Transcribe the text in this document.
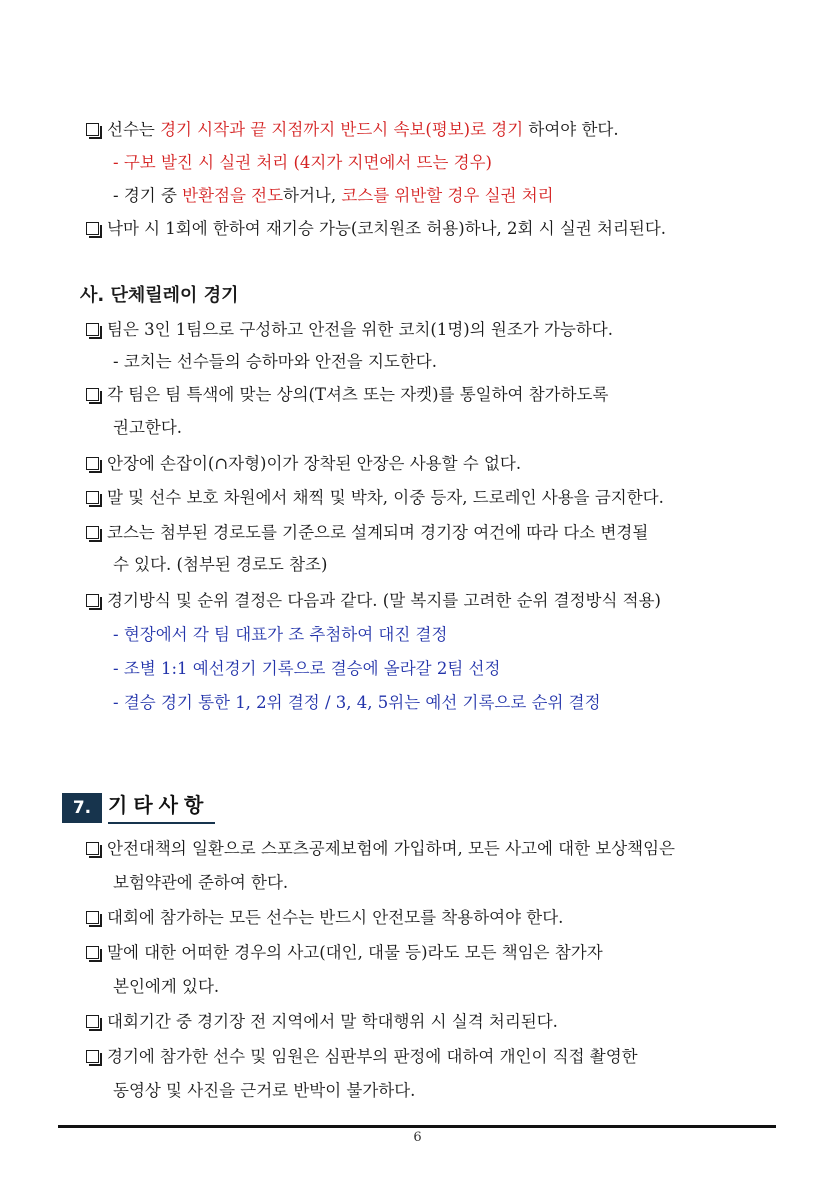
선수는 경기 시작과 끝 지점까지 반드시 속보(평보)로 경기 하여야 한다.
- 구보 발진 시 실권 처리 (4지가 지면에서 뜨는 경우)
- 경기 중 반환점을 전도하거나, 코스를 위반할 경우 실권 처리
낙마 시 1회에 한하여 재기승 가능(코치원조 허용)하나, 2회 시 실권 처리된다.
사. 단체릴레이 경기
팀은 3인 1팀으로 구성하고 안전을 위한 코치(1명)의 원조가 가능하다.
- 코치는 선수들의 승하마와 안전을 지도한다.
각 팀은 팀 특색에 맞는 상의(T셔츠 또는 자켓)를 통일하여 참가하도록
권고한다.
안장에 손잡이(∩자형)이가 장착된 안장은 사용할 수 없다.
말 및 선수 보호 차원에서 채찍 및 박차, 이중 등자, 드로레인 사용을 금지한다.
코스는 첨부된 경로도를 기준으로 설계되며 경기장 여건에 따라 다소 변경될
수 있다. (첨부된 경로도 참조)
경기방식 및 순위 결정은 다음과 같다. (말 복지를 고려한 순위 결정방식 적용)
- 현장에서 각 팀 대표가 조 추첨하여 대진 결정
- 조별 1:1 예선경기 기록으로 결승에 올라갈 2팀 선정
- 결승 경기 통한 1, 2위 결정 / 3, 4, 5위는 예선 기록으로 순위 결정
7. 기타사항
안전대책의 일환으로 스포츠공제보험에 가입하며, 모든 사고에 대한 보상책임은
보험약관에 준하여 한다.
대회에 참가하는 모든 선수는 반드시 안전모를 착용하여야 한다.
말에 대한 어떠한 경우의 사고(대인, 대물 등)라도 모든 책임은 참가자
본인에게 있다.
대회기간 중 경기장 전 지역에서 말 학대행위 시 실격 처리된다.
경기에 참가한 선수 및 임원은 심판부의 판정에 대하여 개인이 직접 촬영한
동영상 및 사진을 근거로 반박이 불가하다.
6
